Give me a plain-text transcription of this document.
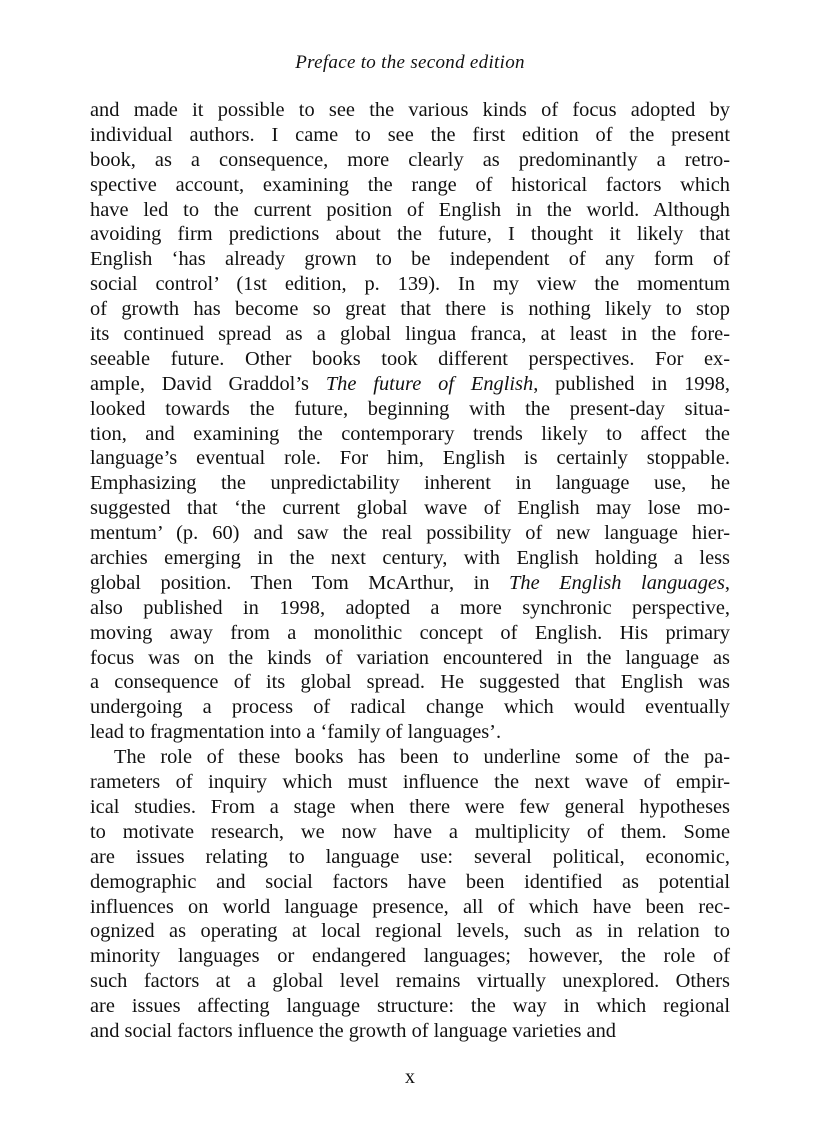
Preface to the second edition
and made it possible to see the various kinds of focus adopted by
individual authors. I came to see the first edition of the present
book, as a consequence, more clearly as predominantly a retro-
spective account, examining the range of historical factors which
have led to the current position of English in the world. Although
avoiding firm predictions about the future, I thought it likely that
English ‘has already grown to be independent of any form of
social control’ (1st edition, p. 139). In my view the momentum
of growth has become so great that there is nothing likely to stop
its continued spread as a global lingua franca, at least in the fore-
seeable future. Other books took different perspectives. For ex-
ample, David Graddol’s The future of English, published in 1998,
looked towards the future, beginning with the present-day situa-
tion, and examining the contemporary trends likely to affect the
language’s eventual role. For him, English is certainly stoppable.
Emphasizing the unpredictability inherent in language use, he
suggested that ‘the current global wave of English may lose mo-
mentum’ (p. 60) and saw the real possibility of new language hier-
archies emerging in the next century, with English holding a less
global position. Then Tom McArthur, in The English languages,
also published in 1998, adopted a more synchronic perspective,
moving away from a monolithic concept of English. His primary
focus was on the kinds of variation encountered in the language as
a consequence of its global spread. He suggested that English was
undergoing a process of radical change which would eventually
lead to fragmentation into a ‘family of languages’.
The role of these books has been to underline some of the pa-
rameters of inquiry which must influence the next wave of empir-
ical studies. From a stage when there were few general hypotheses
to motivate research, we now have a multiplicity of them. Some
are issues relating to language use: several political, economic,
demographic and social factors have been identified as potential
influences on world language presence, all of which have been rec-
ognized as operating at local regional levels, such as in relation to
minority languages or endangered languages; however, the role of
such factors at a global level remains virtually unexplored. Others
are issues affecting language structure: the way in which regional
and social factors influence the growth of language varieties and
x
